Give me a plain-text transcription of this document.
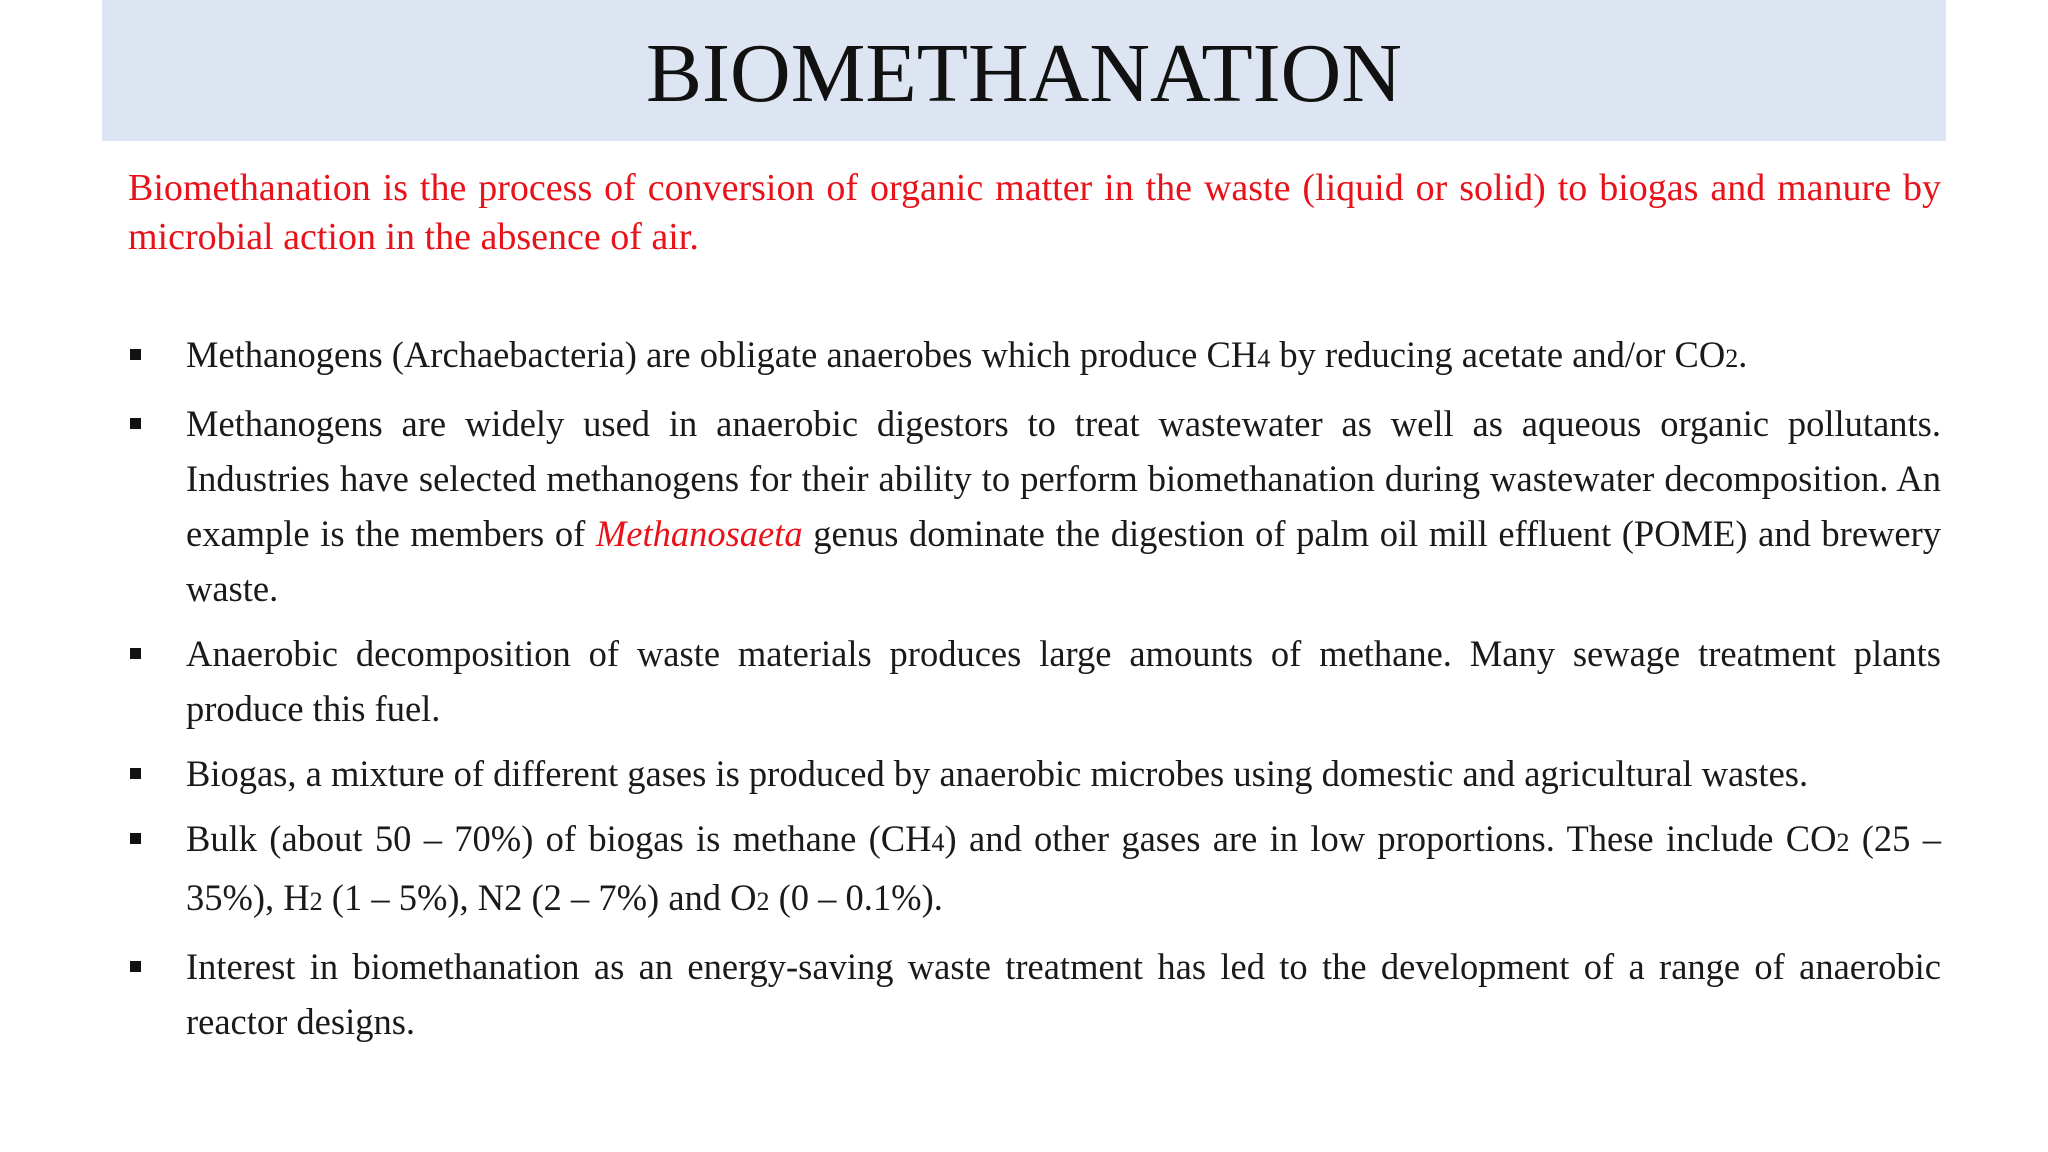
BIOMETHANATION

Biomethanation is the process of conversion of organic matter in the waste (liquid or solid) to biogas and manure by microbial action in the absence of air.

Methanogens (Archaebacteria) are obligate anaerobes which produce CH4 by reducing acetate and/or CO2.
Methanogens are widely used in anaerobic digestors to treat wastewater as well as aqueous organic pollutants. Industries have selected methanogens for their ability to perform biomethanation during wastewater decomposition. An example is the members of Methanosaeta genus dominate the digestion of palm oil mill effluent (POME) and brewery waste.
Anaerobic decomposition of waste materials produces large amounts of methane. Many sewage treatment plants produce this fuel.
Biogas, a mixture of different gases is produced by anaerobic microbes using domestic and agricultural wastes.
Bulk (about 50 – 70%) of biogas is methane (CH4) and other gases are in low proportions. These include CO2 (25 – 35%), H2 (1 – 5%), N2 (2 – 7%) and O2 (0 – 0.1%).
Interest in biomethanation as an energy-saving waste treatment has led to the development of a range of anaerobic reactor designs.
